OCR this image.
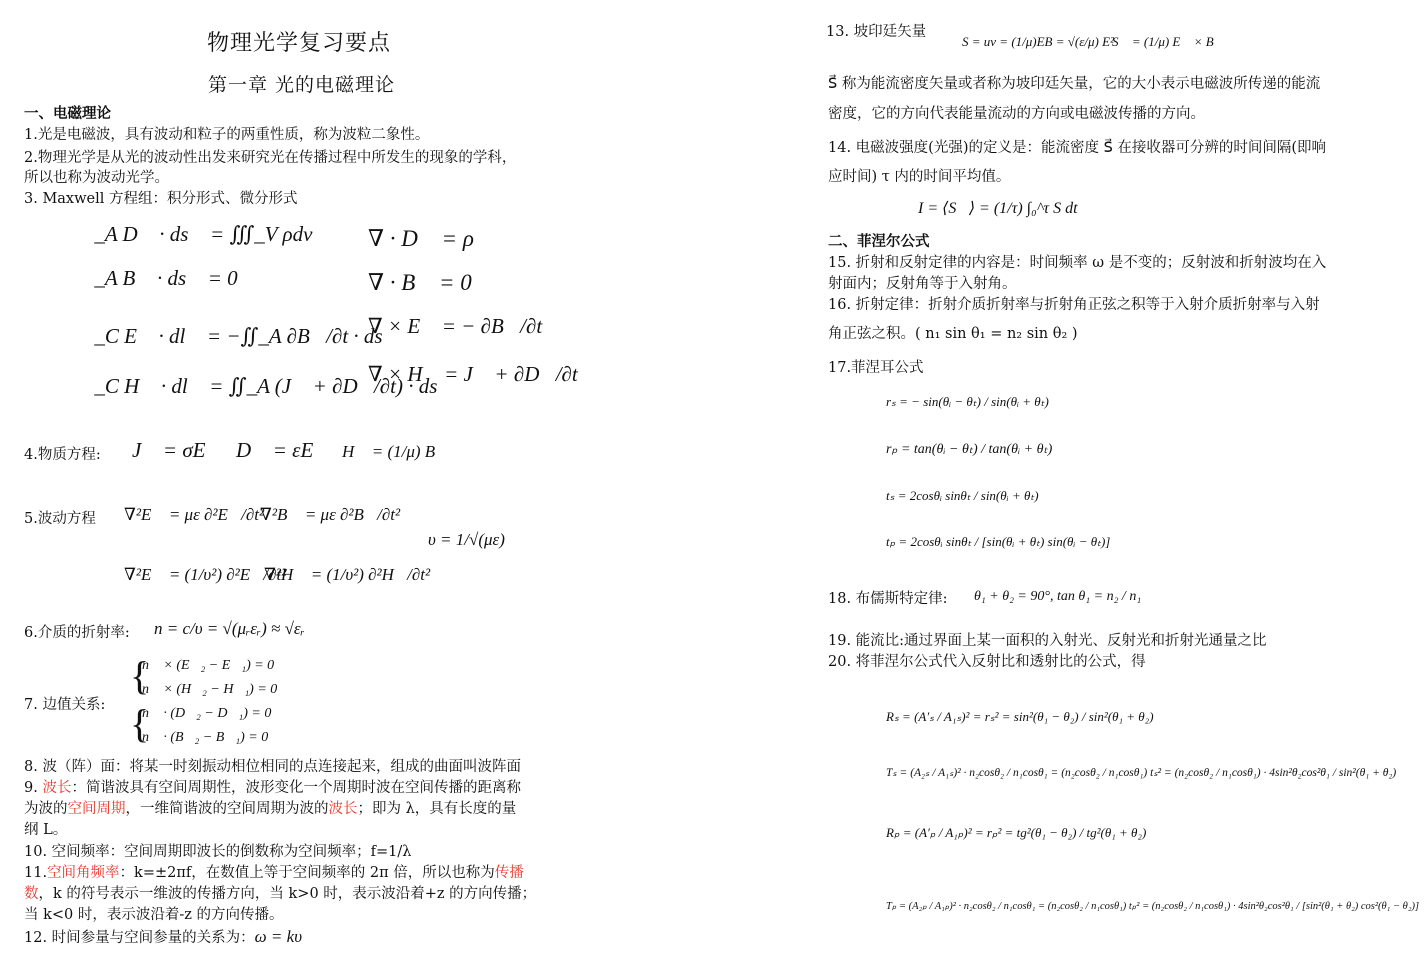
物理光学复习要点
第一章 光的电磁理论
一、电磁理论
1.光是电磁波，具有波动和粒子的两重性质，称为波粒二象性。
2.物理光学是从光的波动性出发来研究光在传播过程中所发生的现象的学科，
所以也称为波动光学。
3. Maxwell 方程组：积分形式、微分形式
∯_A D⃗ · ds⃗ = ∭_V ρdv
∯_A B⃗ · ds⃗ = 0
∮_C E⃗ · dl⃗ = −∬_A ∂B⃗/∂t · ds⃗
∮_C H⃗ · dl⃗ = ∬_A (J⃗ + ∂D⃗/∂t) · ds
∇ · D⃗ = ρ
∇ · B⃗ = 0
∇ × E⃗ = − ∂B⃗/∂t
∇ × H⃗ = J⃗ + ∂D⃗/∂t
4.物质方程: J⃗ = σE⃗ D⃗ = εE⃗ H⃗ = (1/μ) B⃗
5.波动方程 ∇²E⃗ = με ∂²E⃗/∂t²
∇²B⃗ = με ∂²B⃗/∂t²
υ = 1/√(με)
∇²E⃗ = (1/υ²) ∂²E⃗/∂t²
∇²H⃗ = (1/υ²) ∂²H⃗/∂t²
6.介质的折射率: n = c/υ = √(μᵣεᵣ) ≈ √εᵣ
7. 边值关系:
{
{
n⃗ × (E⃗₂ − E⃗₁) = 0
n⃗ × (H⃗₂ − H⃗₁) = 0
n⃗ · (D⃗₂ − D⃗₁) = 0
n⃗ · (B⃗₂ − B⃗₁) = 0
8. 波（阵）面：将某一时刻振动相位相同的点连接起来，组成的曲面叫波阵面
9. 波长：简谐波具有空间周期性，波形变化一个周期时波在空间传播的距离称
为波的空间周期，一维简谐波的空间周期为波的波长；即为 λ，具有长度的量
纲 L。
10. 空间频率：空间周期即波长的倒数称为空间频率；f=1/λ
11.空间角频率：k=±2πf，在数值上等于空间频率的 2π 倍，所以也称为传播
数，k 的符号表示一维波的传播方向，当 k>0 时，表示波沿着+z 的方向传播；
当 k<0 时，表示波沿着-z 的方向传播。
12. 时间参量与空间参量的关系为：ω = kυ
13. 坡印廷矢量
S = uv = (1/μ)EB = √(ε/μ) E²
S⃗ = (1/μ) E⃗ × B⃗
S⃗ 称为能流密度矢量或者称为坡印廷矢量，它的大小表示电磁波所传递的能流
密度，它的方向代表能量流动的方向或电磁波传播的方向。
14. 电磁波强度(光强)的定义是：能流密度 S⃗ 在接收器可分辨的时间间隔(即响
应时间) τ 内的时间平均值。
I = ⟨S⃗⟩ = (1/τ) ∫₀^τ S dt
二、菲涅尔公式
15. 折射和反射定律的内容是：时间频率 ω 是不变的；反射波和折射波均在入
射面内；反射角等于入射角。
16. 折射定律：折射介质折射率与折射角正弦之积等于入射介质折射率与入射
角正弦之积。( n₁ sin θ₁ = n₂ sin θ₂ )
17.菲涅耳公式
rₛ = − sin(θᵢ − θₜ) / sin(θᵢ + θₜ)
rₚ = tan(θᵢ − θₜ) / tan(θᵢ + θₜ)
tₛ = 2cosθᵢ sinθₜ / sin(θᵢ + θₜ)
tₚ = 2cosθᵢ sinθₜ / [sin(θᵢ + θₜ) sin(θᵢ − θₜ)]
18. 布儒斯特定律: θ₁ + θ₂ = 90°, tan θ₁ = n₂ / n₁
19. 能流比:通过界面上某一面积的入射光、反射光和折射光通量之比
20. 将菲涅尔公式代入反射比和透射比的公式，得
Rₛ = (A′ₛ / A₁ₛ)² = rₛ² = sin²(θ₁ − θ₂) / sin²(θ₁ + θ₂)
Tₛ = (A₂ₛ / A₁ₛ)² · n₂cosθ₂ / n₁cosθ₁ = (n₂cosθ₂ / n₁cosθ₁) tₛ² = (n₂cosθ₂ / n₁cosθ₁) · 4sin²θ₂cos²θ₁ / sin²(θ₁ + θ₂)
Rₚ = (A′ₚ / A₁ₚ)² = rₚ² = tg²(θ₁ − θ₂) / tg²(θ₁ + θ₂)
Tₚ = (A₂ₚ / A₁ₚ)² · n₂cosθ₂ / n₁cosθ₁ = (n₂cosθ₂ / n₁cosθ₁) tₚ² = (n₂cosθ₂ / n₁cosθ₁) · 4sin²θ₂cos²θ₁ / [sin²(θ₁ + θ₂) cos²(θ₁ − θ₂)]
